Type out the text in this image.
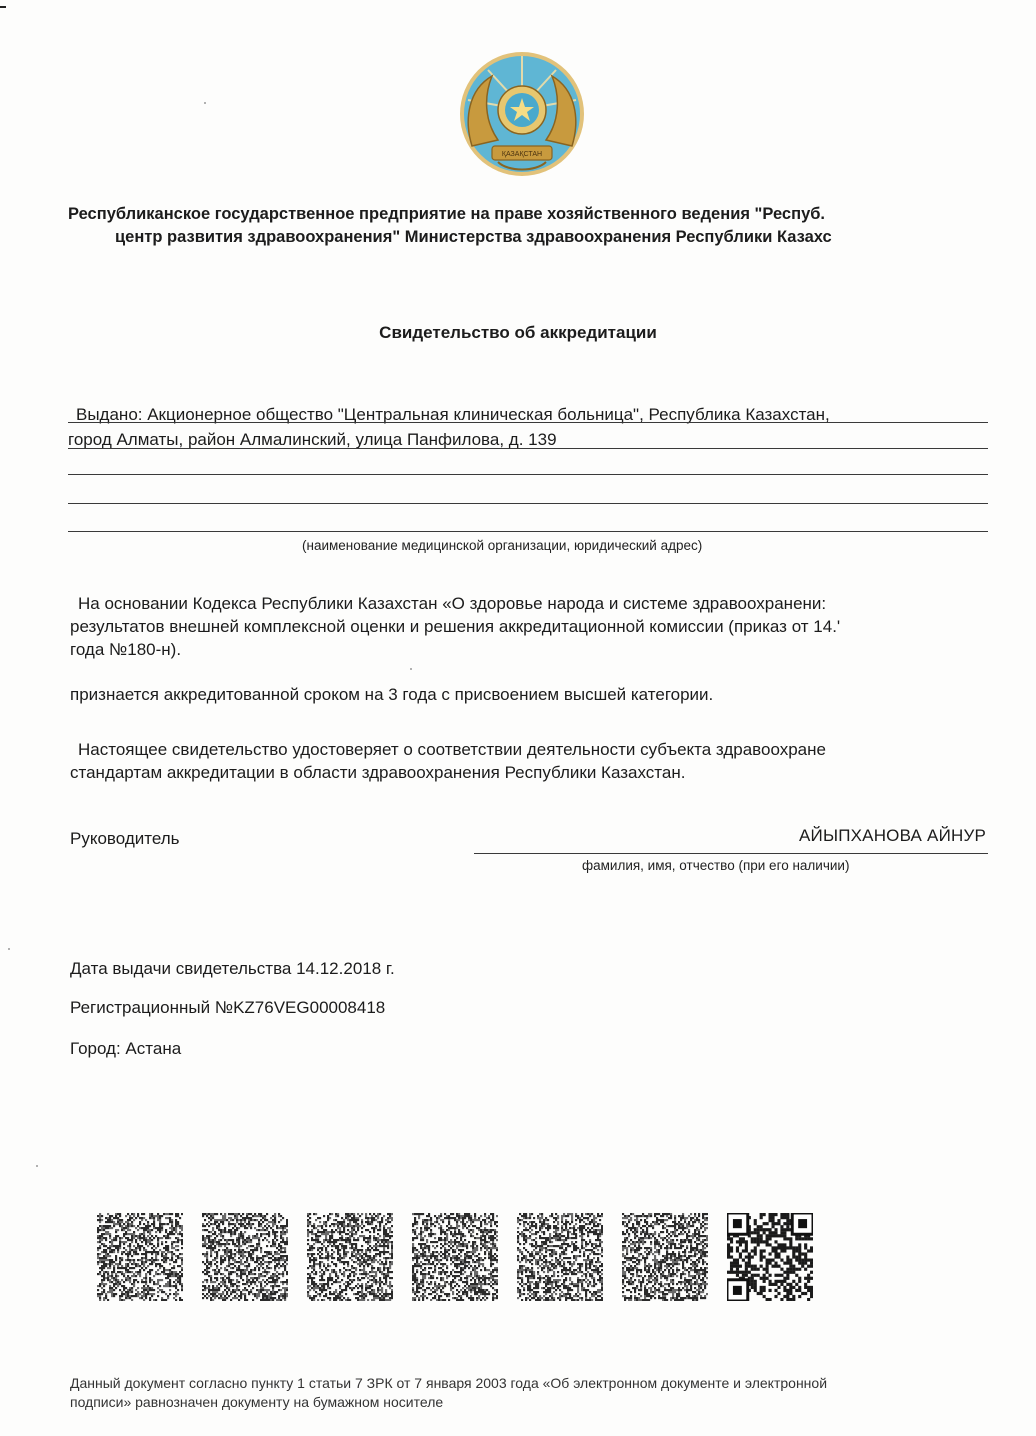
ҚАЗАҚСТАН
Республиканское государственное предприятие на праве хозяйственного ведения "Респуб.
центр развития здравоохранения" Министерства здравоохранения Республики Казахс
Свидетельство об аккредитации
Выдано: Акционерное общество "Центральная клиническая больница", Республика Казахстан,
город Алматы, район Алмалинский, улица Панфилова, д. 139
(наименование медицинской организации, юридический адрес)
На основании Кодекса Республики Казахстан «О здоровье народа и системе здравоохранени:
результатов внешней комплексной оценки и решения аккредитационной комиссии (приказ от 14.'
года №180-н).
признается аккредитованной сроком на 3 года с присвоением высшей категории.
Настоящее свидетельство удостоверяет о соответствии деятельности субъекта здравоохране
стандартам аккредитации в области здравоохранения Республики Казахстан.
Руководитель	АЙЫПХАНОВА АЙНУР
фамилия, имя, отчество (при его наличии)
Дата выдачи свидетельства 14.12.2018 г.
Регистрационный №KZ76VEG00008418
Город: Астана
Данный документ согласно пункту 1 статьи 7 ЗРК от 7 января 2003 года «Об электронном документе и электронной
подписи» равнозначен документу на бумажном носителе
